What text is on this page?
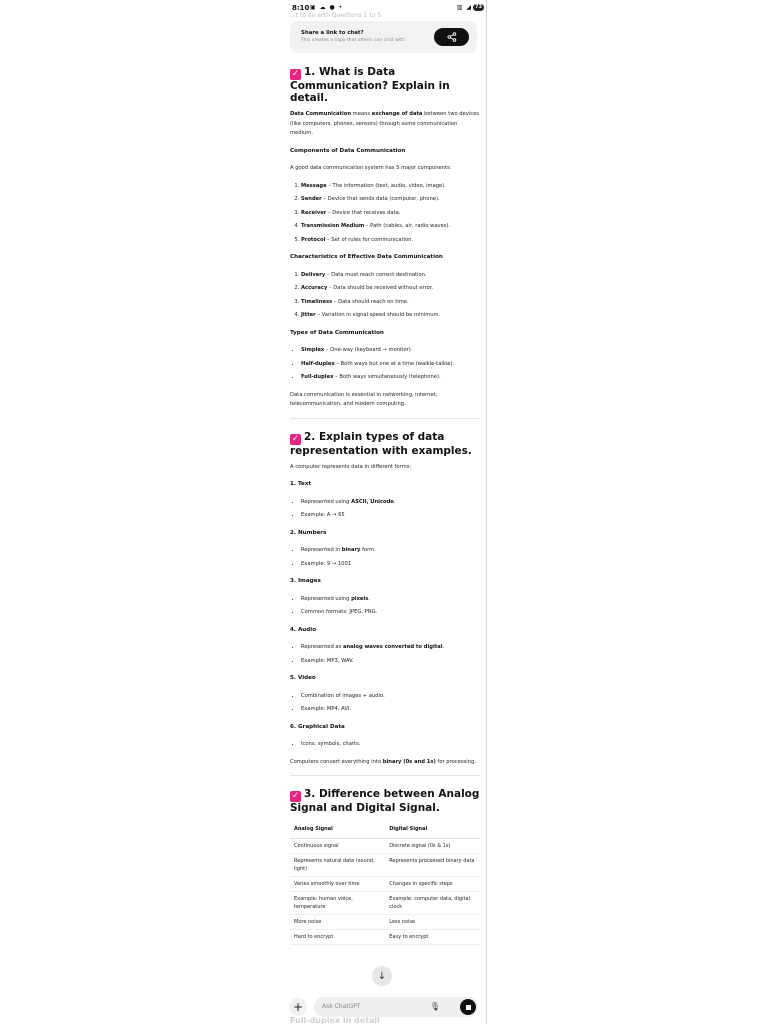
8:10 ▣ ☁ ● •	▥ ◢ 73
...t to do with Questions 1 to 5
Share a link to chat?
This creates a copy that others can chat with
✓ 1. What is Data Communication? Explain in detail.
Data Communication means exchange of data between two devices (like computers, phones, sensors) through some communication medium.
Components of Data Communication
A good data communication system has 5 major components:
1. Message – The information (text, audio, video, image).
2. Sender – Device that sends data (computer, phone).
3. Receiver – Device that receives data.
4. Transmission Medium – Path (cables, air, radio waves).
5. Protocol – Set of rules for communication.
Characteristics of Effective Data Communication
1. Delivery – Data must reach correct destination.
2. Accuracy – Data should be received without error.
3. Timeliness – Data should reach on time.
4. Jitter – Variation in signal speed should be minimum.
Types of Data Communication
• Simplex – One-way (keyboard → monitor).
• Half-duplex – Both ways but one at a time (walkie-talkie).
• Full-duplex – Both ways simultaneously (telephone).
Data communication is essential in networking, internet, telecommunication, and modern computing.
✓ 2. Explain types of data representation with examples.
A computer represents data in different forms:
1. Text
• Represented using ASCII, Unicode.
• Example: A → 65
2. Numbers
• Represented in binary form.
• Example: 9 → 1001
3. Images
• Represented using pixels.
• Common formats: JPEG, PNG.
4. Audio
• Represented as analog waves converted to digital.
• Example: MP3, WAV.
5. Video
• Combination of images + audio.
• Example: MP4, AVI.
6. Graphical Data
• Icons, symbols, charts.
Computers convert everything into binary (0s and 1s) for processing.
✓ 3. Difference between Analog Signal and Digital Signal.
Analog Signal	Digital Signal
Continuous signal	Discrete signal (0s & 1s)
Represents natural data (sound, light)	Represents processed binary data
Varies smoothly over time	Changes in specific steps
Example: human voice, temperature	Example: computer data, digital clock
More noise	Less noise
Hard to encrypt	Easy to encrypt
↓
+	Ask ChatGPT	🎙
Full-duplex in detail
